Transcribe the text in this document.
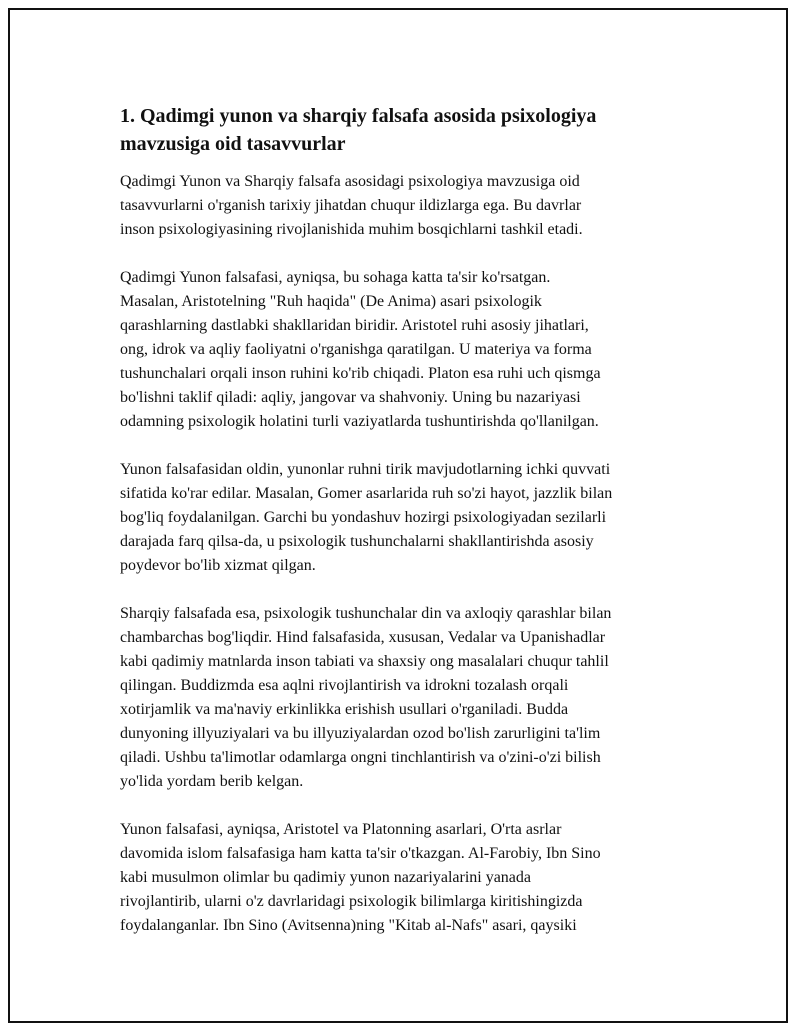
1. Qadimgi yunon va sharqiy falsafa asosida psixologiya
mavzusiga oid tasavvurlar

Qadimgi Yunon va Sharqiy falsafa asosidagi psixologiya mavzusiga oid
tasavvurlarni o'rganish tarixiy jihatdan chuqur ildizlarga ega. Bu davrlar
inson psixologiyasining rivojlanishida muhim bosqichlarni tashkil etadi.

Qadimgi Yunon falsafasi, ayniqsa, bu sohaga katta ta'sir ko'rsatgan.
Masalan, Aristotelning "Ruh haqida" (De Anima) asari psixologik
qarashlarning dastlabki shakllaridan biridir. Aristotel ruhi asosiy jihatlari,
ong, idrok va aqliy faoliyatni o'rganishga qaratilgan. U materiya va forma
tushunchalari orqali inson ruhini ko'rib chiqadi. Platon esa ruhi uch qismga
bo'lishni taklif qiladi: aqliy, jangovar va shahvoniy. Uning bu nazariyasi
odamning psixologik holatini turli vaziyatlarda tushuntirishda qo'llanilgan.

Yunon falsafasidan oldin, yunonlar ruhni tirik mavjudotlarning ichki quvvati
sifatida ko'rar edilar. Masalan, Gomer asarlarida ruh so'zi hayot, jazzlik bilan
bog'liq foydalanilgan. Garchi bu yondashuv hozirgi psixologiyadan sezilarli
darajada farq qilsa-da, u psixologik tushunchalarni shakllantirishda asosiy
poydevor bo'lib xizmat qilgan.

Sharqiy falsafada esa, psixologik tushunchalar din va axloqiy qarashlar bilan
chambarchas bog'liqdir. Hind falsafasida, xususan, Vedalar va Upanishadlar
kabi qadimiy matnlarda inson tabiati va shaxsiy ong masalalari chuqur tahlil
qilingan. Buddizmda esa aqlni rivojlantirish va idrokni tozalash orqali
xotirjamlik va ma'naviy erkinlikka erishish usullari o'rganiladi. Budda
dunyoning illyuziyalari va bu illyuziyalardan ozod bo'lish zarurligini ta'lim
qiladi. Ushbu ta'limotlar odamlarga ongni tinchlantirish va o'zini-o'zi bilish
yo'lida yordam berib kelgan.

Yunon falsafasi, ayniqsa, Aristotel va Platonning asarlari, O'rta asrlar
davomida islom falsafasiga ham katta ta'sir o'tkazgan. Al-Farobiy, Ibn Sino
kabi musulmon olimlar bu qadimiy yunon nazariyalarini yanada
rivojlantirib, ularni o'z davrlaridagi psixologik bilimlarga kiritishingizda
foydalanganlar. Ibn Sino (Avitsenna)ning "Kitab al-Nafs" asari, qaysiki
